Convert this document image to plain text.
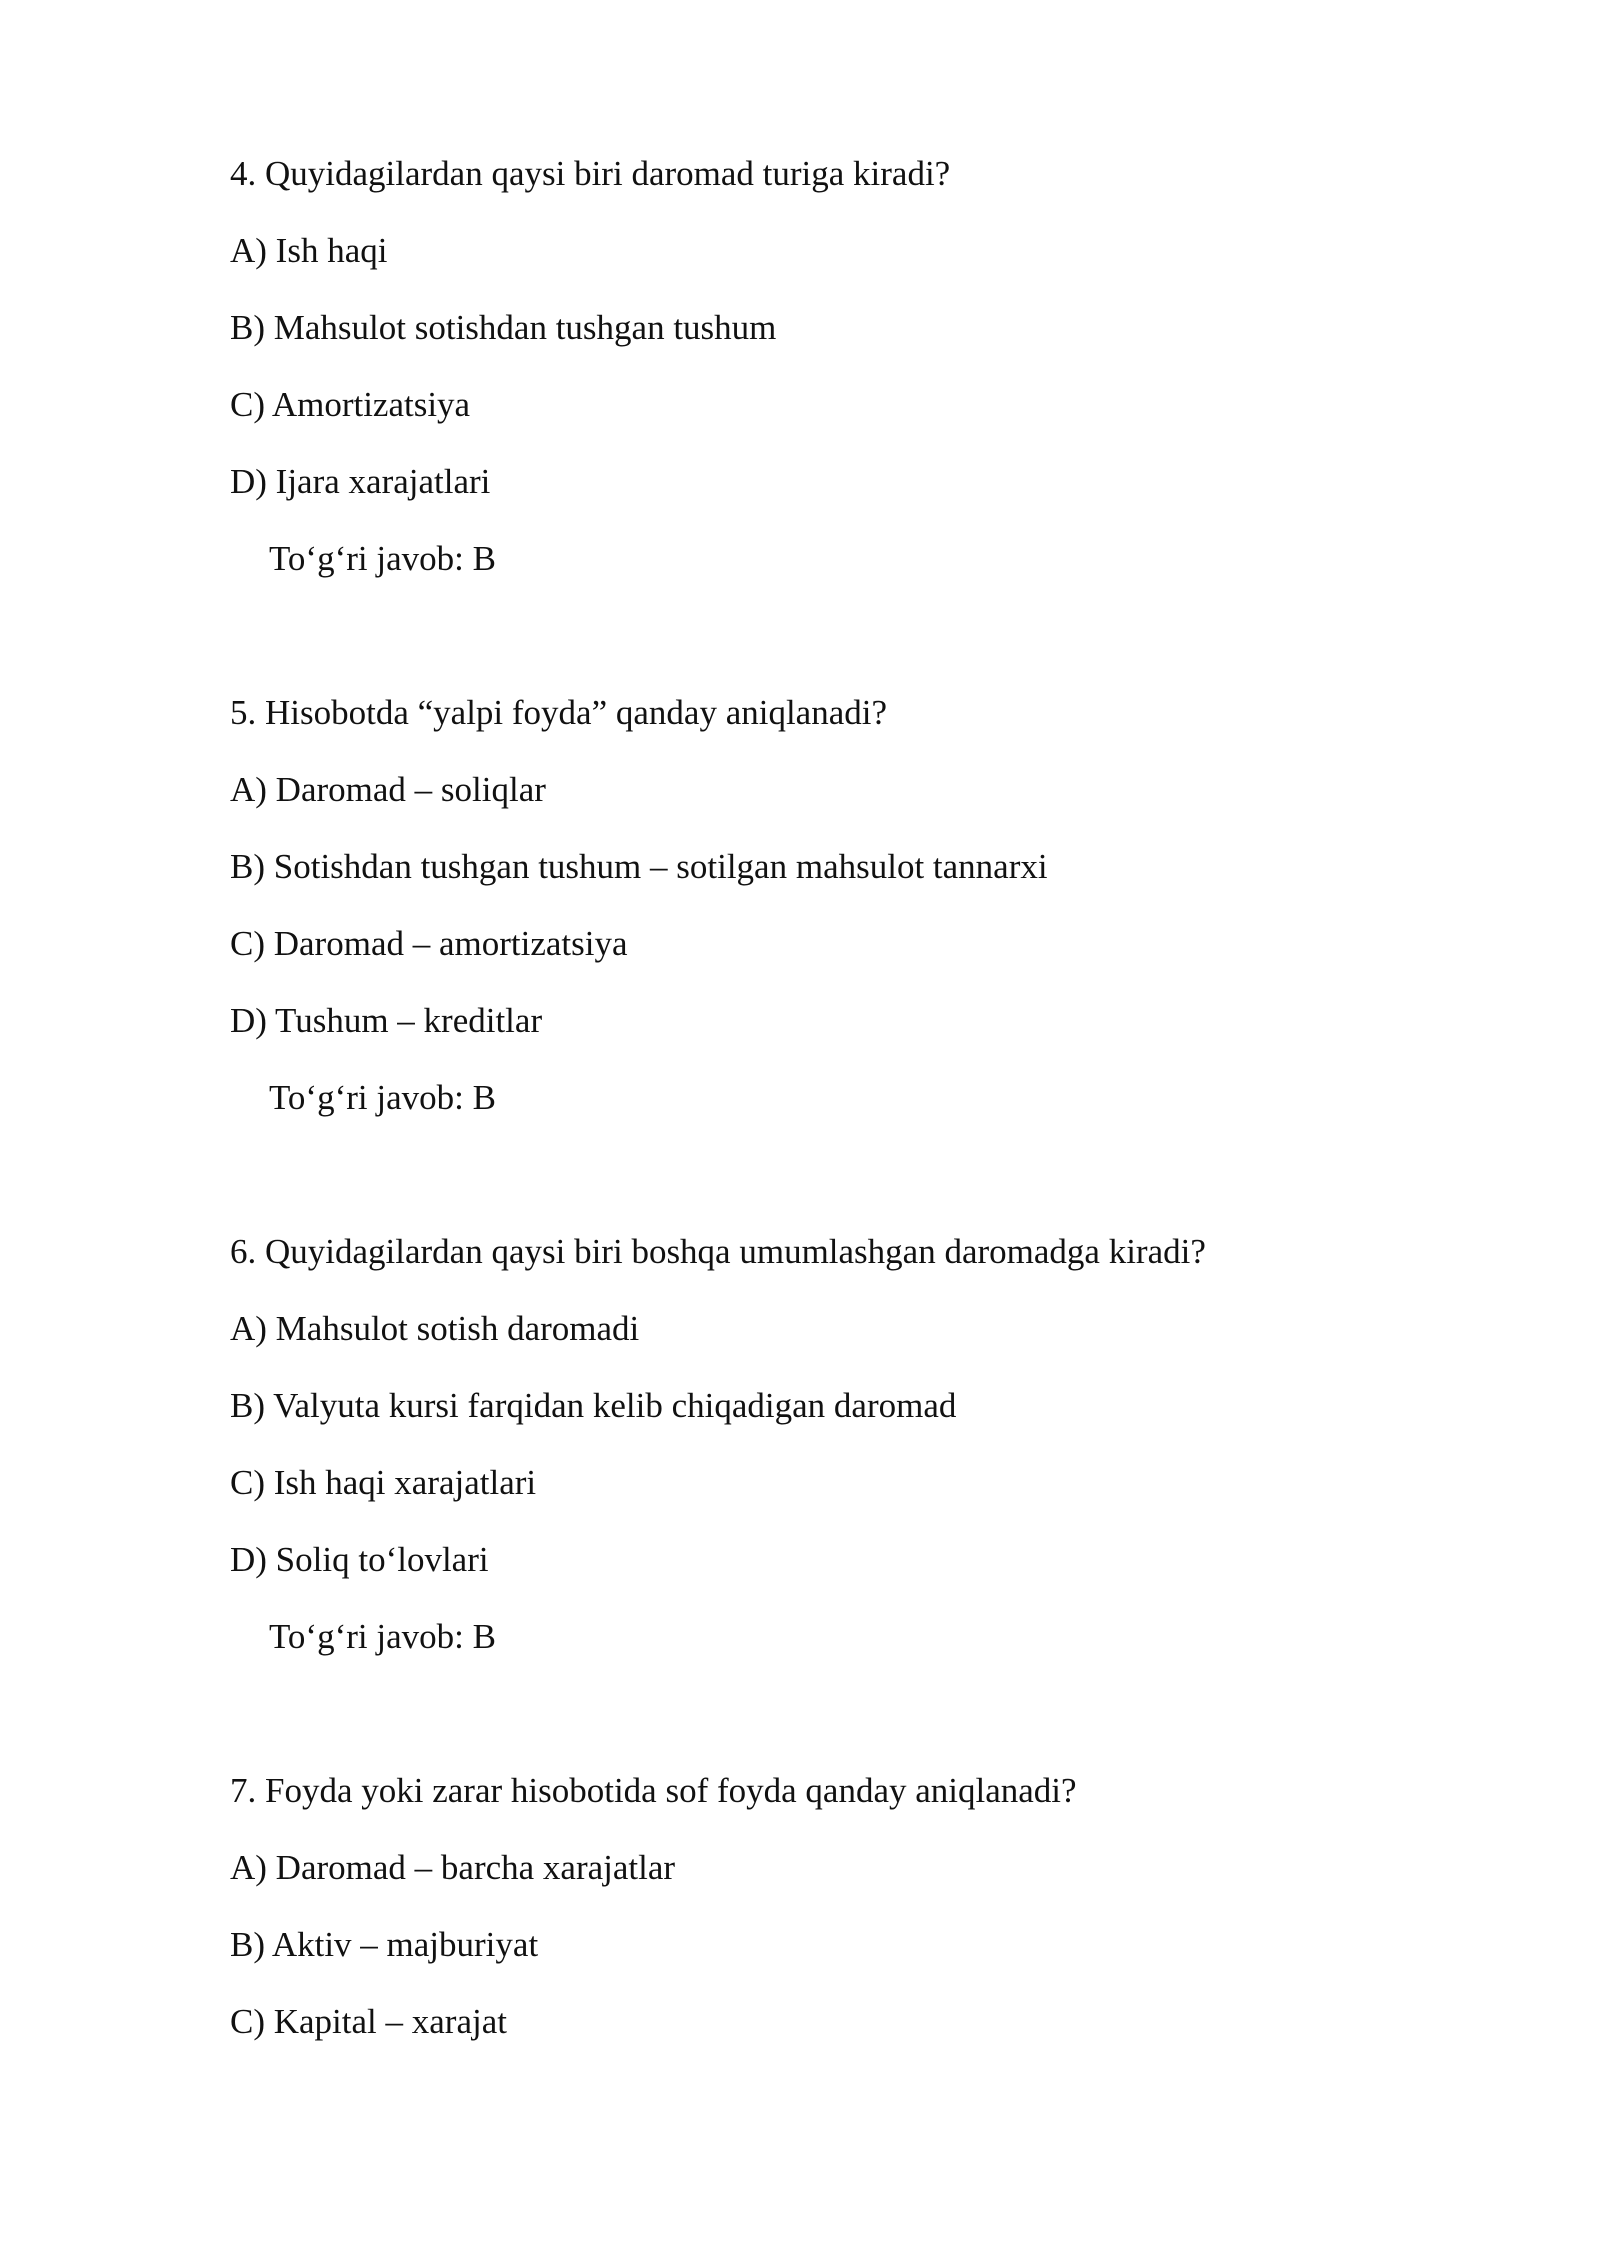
4. Quyidagilardan qaysi biri daromad turiga kiradi?
A) Ish haqi
B) Mahsulot sotishdan tushgan tushum
C) Amortizatsiya
D) Ijara xarajatlari
To‘g‘ri javob: B
5. Hisobotda “yalpi foyda” qanday aniqlanadi?
A) Daromad – soliqlar
B) Sotishdan tushgan tushum – sotilgan mahsulot tannarxi
C) Daromad – amortizatsiya
D) Tushum – kreditlar
To‘g‘ri javob: B
6. Quyidagilardan qaysi biri boshqa umumlashgan daromadga kiradi?
A) Mahsulot sotish daromadi
B) Valyuta kursi farqidan kelib chiqadigan daromad
C) Ish haqi xarajatlari
D) Soliq to‘lovlari
To‘g‘ri javob: B
7. Foyda yoki zarar hisobotida sof foyda qanday aniqlanadi?
A) Daromad – barcha xarajatlar
B) Aktiv – majburiyat
C) Kapital – xarajat
